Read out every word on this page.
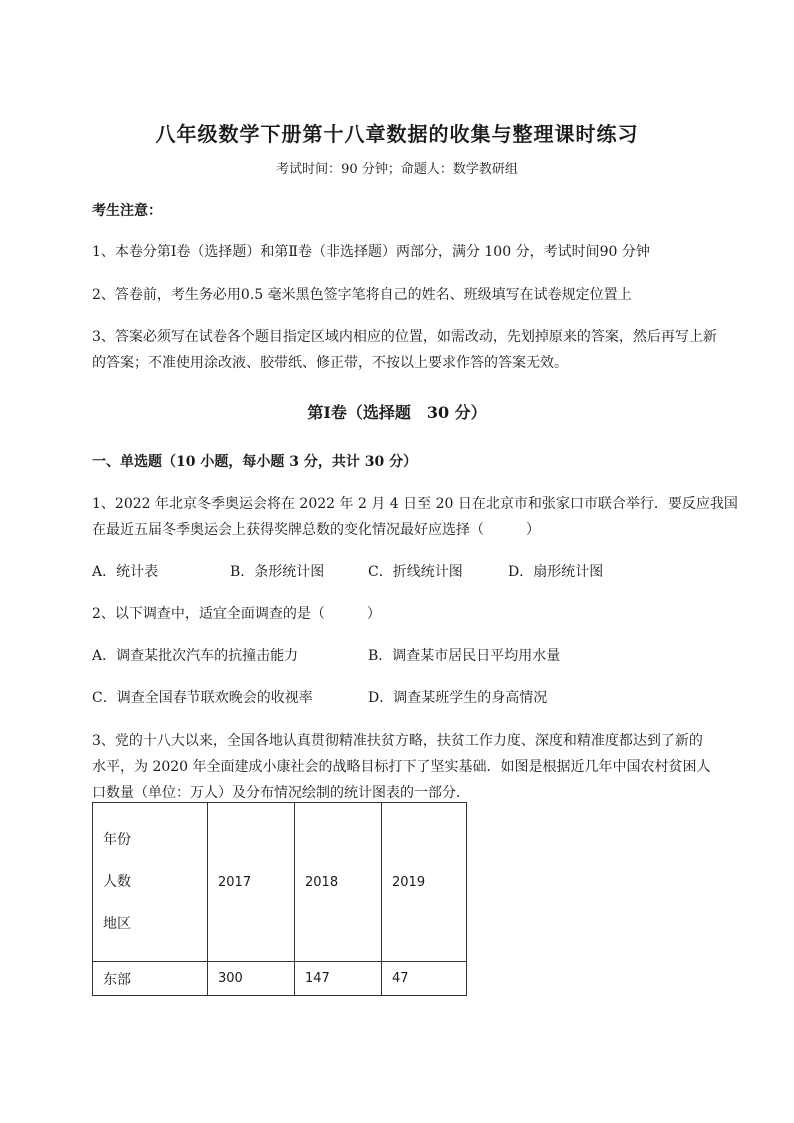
八年级数学下册第十八章数据的收集与整理课时练习
考试时间：90 分钟；命题人：数学教研组
考生注意：
1、本卷分第Ⅰ卷（选择题）和第Ⅱ卷（非选择题）两部分，满分 100 分，考试时间90 分钟
2、答卷前，考生务必用0.5 毫米黑色签字笔将自己的姓名、班级填写在试卷规定位置上
3、答案必须写在试卷各个题目指定区域内相应的位置，如需改动，先划掉原来的答案，然后再写上新
的答案；不准使用涂改液、胶带纸、修正带，不按以上要求作答的答案无效。
第Ⅰ卷（选择题　30 分）
一、单选题（10 小题，每小题 3 分，共计 30 分）
1、2022 年北京冬季奥运会将在 2022 年 2 月 4 日至 20 日在北京市和张家口市联合举行．要反应我国
在最近五届冬季奥运会上获得奖牌总数的变化情况最好应选择（　　　）
A．统计表	B．条形统计图	C．折线统计图	D．扇形统计图
2、以下调查中，适宜全面调查的是（　　　）
A．调查某批次汽车的抗撞击能力	B．调查某市居民日平均用水量
C．调查全国春节联欢晚会的收视率	D．调查某班学生的身高情况
3、党的十八大以来，全国各地认真贯彻精准扶贫方略，扶贫工作力度、深度和精准度都达到了新的
水平，为 2020 年全面建成小康社会的战略目标打下了坚实基础．如图是根据近几年中国农村贫困人
口数量（单位：万人）及分布情况绘制的统计图表的一部分．
年份
人数
地区	2017	2018	2019
东部	300	147	47
